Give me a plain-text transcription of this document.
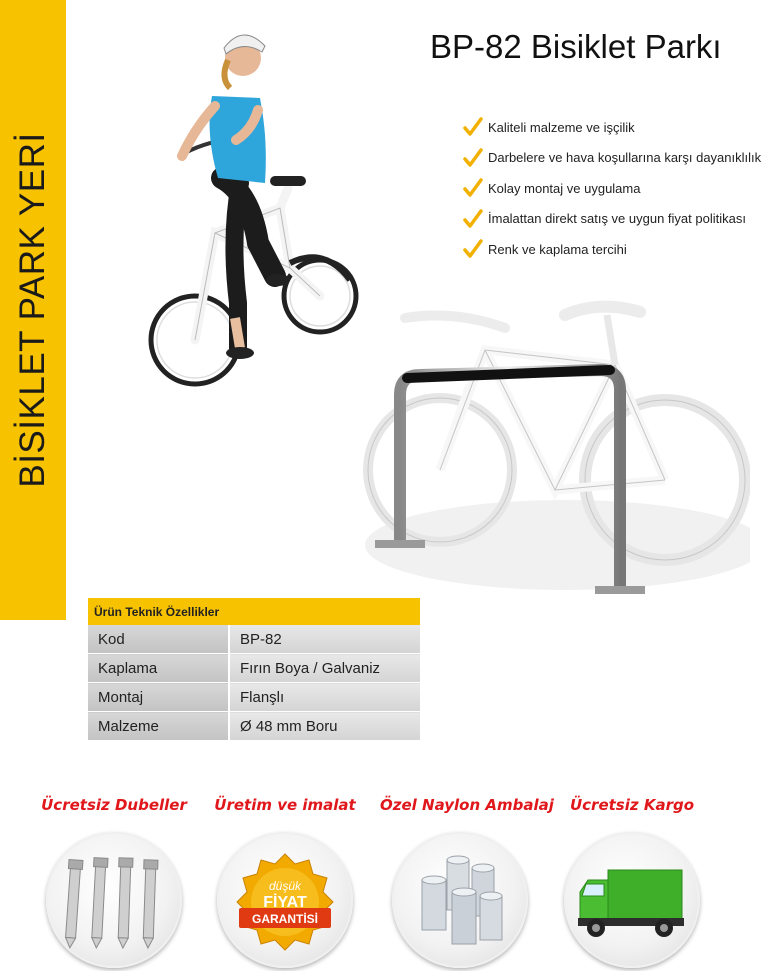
BİSİKLET PARK YERİ
BP-82 Bisiklet Parkı
Kaliteli malzeme ve işçilik
Darbelere ve hava koşullarına karşı dayanıklılık
Kolay montaj ve uygulama
İmalattan direkt satış ve uygun fiyat politikası
Renk ve kaplama tercihi
Ürün Teknik Özellikler	
Kod	BP-82
Kaplama	Fırın Boya / Galvaniz
Montaj	Flanşlı
Malzeme	Ø 48 mm Boru
Ücretsiz Dubeller	Üretim ve imalat
düşük
FİYAT
GARANTİSİ
Özel Naylon Ambalaj	Ücretsiz Kargo
